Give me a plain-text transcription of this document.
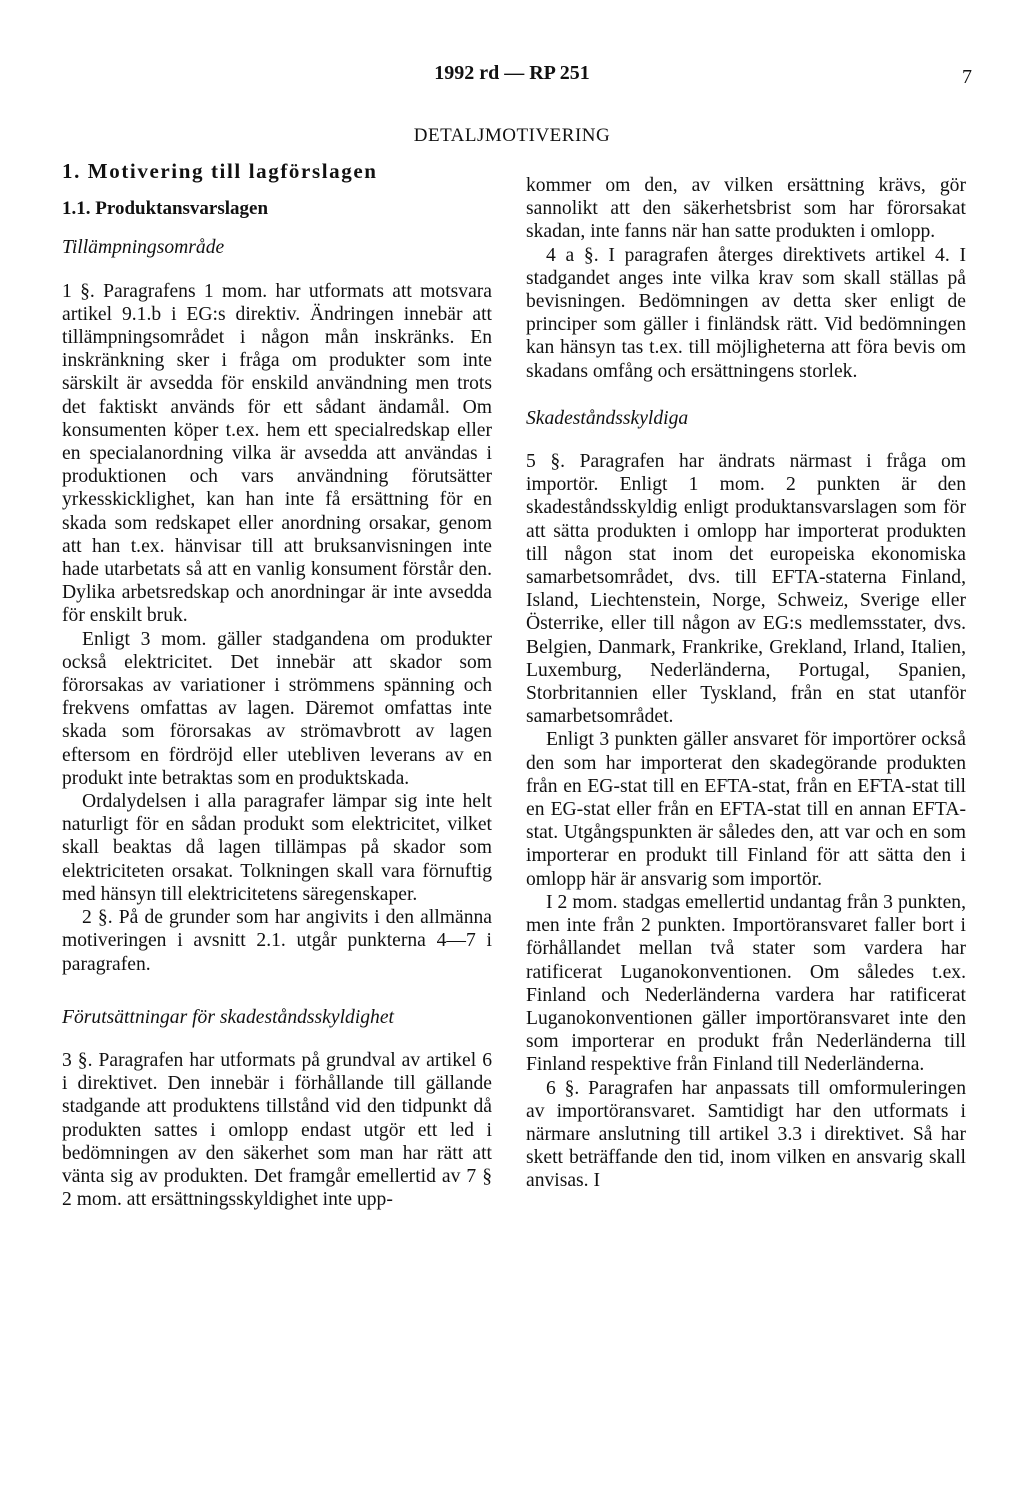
1992 rd — RP 251	7
DETALJMOTIVERING
1. Motivering till lagförslagen
1.1. Produktansvarslagen
Tillämpningsområde

1 §. Paragrafens 1 mom. har utformats att motsvara artikel 9.1.b i EG:s direktiv. Ändringen innebär att tillämpningsområdet i någon mån inskränks. En inskränkning sker i fråga om produkter som inte särskilt är avsedda för enskild användning men trots det faktiskt används för ett sådant ändamål. Om konsumenten köper t.ex. hem ett specialredskap eller en specialanordning vilka är avsedda att användas i produktionen och vars användning förutsätter yrkesskicklighet, kan han inte få ersättning för en skada som redskapet eller anordning orsakar, genom att han t.ex. hänvisar till att bruksanvisningen inte hade utarbetats så att en vanlig konsument förstår den. Dylika arbetsredskap och anordningar är inte avsedda för enskilt bruk.

Enligt 3 mom. gäller stadgandena om produkter också elektricitet. Det innebär att skador som förorsakas av variationer i strömmens spänning och frekvens omfattas av lagen. Däremot omfattas inte skada som förorsakas av strömavbrott av lagen eftersom en fördröjd eller utebliven leverans av en produkt inte betraktas som en produktskada.

Ordalydelsen i alla paragrafer lämpar sig inte helt naturligt för en sådan produkt som elektricitet, vilket skall beaktas då lagen tillämpas på skador som elektriciteten orsakat. Tolkningen skall vara förnuftig med hänsyn till elektricitetens säregenskaper.

2 §. På de grunder som har angivits i den allmänna motiveringen i avsnitt 2.1. utgår punkterna 4—7 i paragrafen.

Förutsättningar för skadeståndsskyldighet

3 §. Paragrafen har utformats på grundval av artikel 6 i direktivet. Den innebär i förhållande till gällande stadgande att produktens tillstånd vid den tidpunkt då produkten sattes i omlopp endast utgör ett led i bedömningen av den säkerhet som man har rätt att vänta sig av produkten. Det framgår emellertid av 7 § 2 mom. att ersättningsskyldighet inte upp-

kommer om den, av vilken ersättning krävs, gör sannolikt att den säkerhetsbrist som har förorsakat skadan, inte fanns när han satte produkten i omlopp.

4 a §. I paragrafen återges direktivets artikel 4. I stadgandet anges inte vilka krav som skall ställas på bevisningen. Bedömningen av detta sker enligt de principer som gäller i finländsk rätt. Vid bedömningen kan hänsyn tas t.ex. till möjligheterna att föra bevis om skadans omfång och ersättningens storlek.

Skadeståndsskyldiga

5 §. Paragrafen har ändrats närmast i fråga om importör. Enligt 1 mom. 2 punkten är den skadeståndsskyldig enligt produktansvarslagen som för att sätta produkten i omlopp har importerat produkten till någon stat inom det europeiska ekonomiska samarbetsområdet, dvs. till EFTA-staterna Finland, Island, Liechtenstein, Norge, Schweiz, Sverige eller Österrike, eller till någon av EG:s medlemsstater, dvs. Belgien, Danmark, Frankrike, Grekland, Irland, Italien, Luxemburg, Nederländerna, Portugal, Spanien, Storbritannien eller Tyskland, från en stat utanför samarbetsområdet.

Enligt 3 punkten gäller ansvaret för importörer också den som har importerat den skadegörande produkten från en EG-stat till en EFTA-stat, från en EFTA-stat till en EG-stat eller från en EFTA-stat till en annan EFTA-stat. Utgångspunkten är således den, att var och en som importerar en produkt till Finland för att sätta den i omlopp här är ansvarig som importör.

I 2 mom. stadgas emellertid undantag från 3 punkten, men inte från 2 punkten. Importöransvaret faller bort i förhållandet mellan två stater som vardera har ratificerat Luganokonventionen. Om således t.ex. Finland och Nederländerna vardera har ratificerat Luganokonventionen gäller importöransvaret inte den som importerar en produkt från Nederländerna till Finland respektive från Finland till Nederländerna.

6 §. Paragrafen har anpassats till omformuleringen av importöransvaret. Samtidigt har den utformats i närmare anslutning till artikel 3.3 i direktivet. Så har skett beträffande den tid, inom vilken en ansvarig skall anvisas. I
